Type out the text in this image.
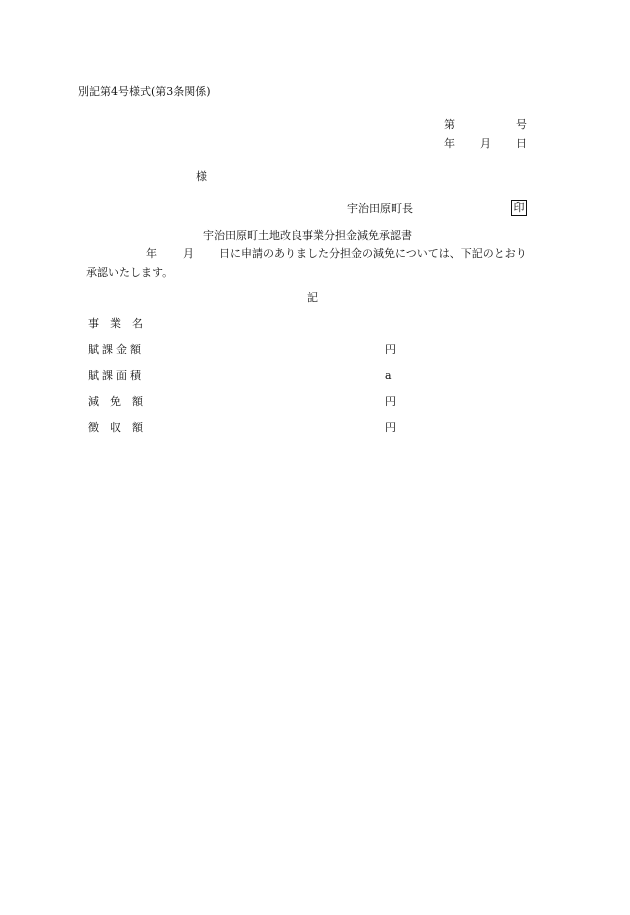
別記第4号様式(第3条関係)
第	号
年 月 日
様
宇治田原町長	印
宇治田原町土地改良事業分担金減免承認書
年 月 日に申請のありました分担金の減免については、下記のとおり
承認いたします。
記
事　業　名
賦課金額	円
賦課面積	a
減　免　額	円
徴　収　額	円
